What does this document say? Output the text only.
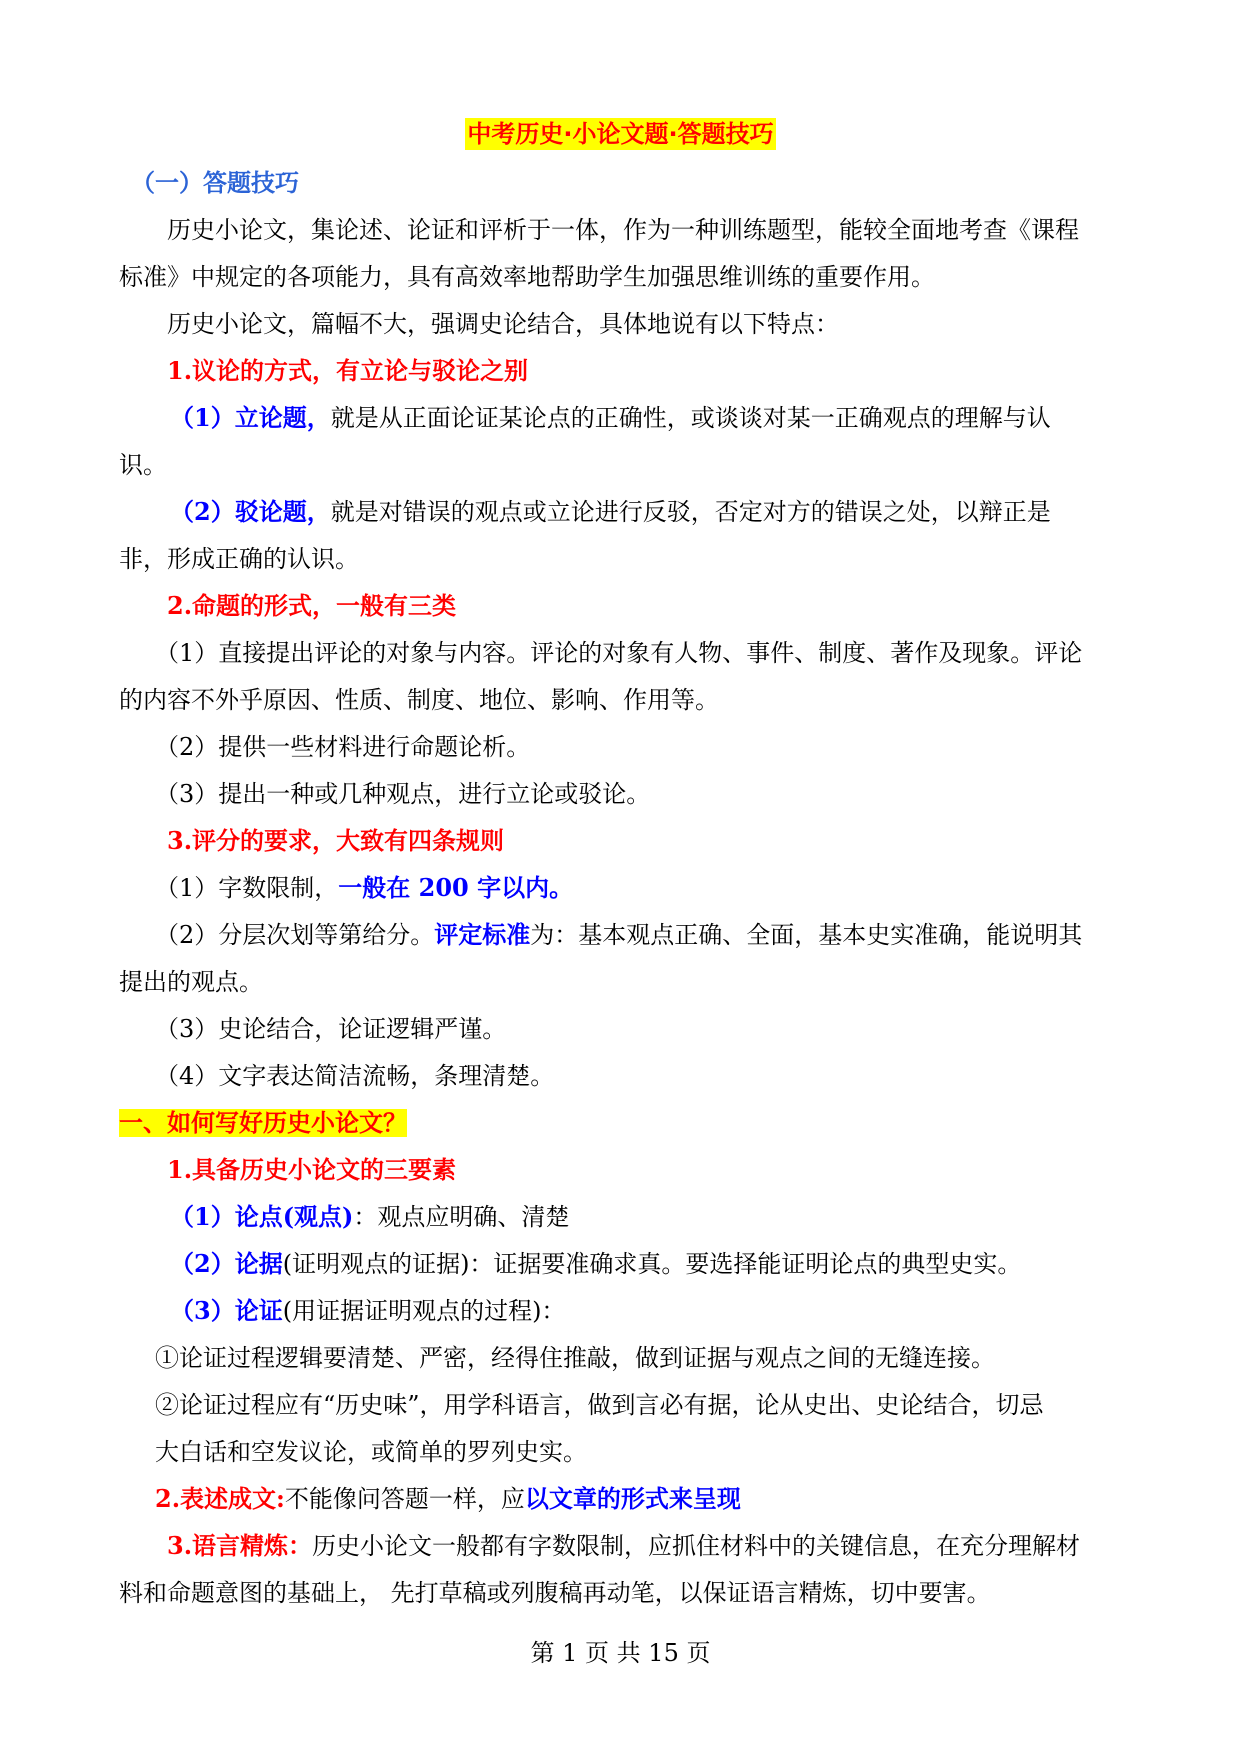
中考历史·小论文题·答题技巧
（一）答题技巧
历史小论文，集论述、论证和评析于一体，作为一种训练题型，能较全面地考查《课程
标准》中规定的各项能力，具有高效率地帮助学生加强思维训练的重要作用。
历史小论文，篇幅不大，强调史论结合，具体地说有以下特点：
1.议论的方式，有立论与驳论之别
（1）立论题，就是从正面论证某论点的正确性，或谈谈对某一正确观点的理解与认
识。
（2）驳论题，就是对错误的观点或立论进行反驳，否定对方的错误之处，以辩正是
非，形成正确的认识。
2.命题的形式，一般有三类
（1）直接提出评论的对象与内容。评论的对象有人物、事件、制度、著作及现象。评论
的内容不外乎原因、性质、制度、地位、影响、作用等。
（2）提供一些材料进行命题论析。
（3）提出一种或几种观点，进行立论或驳论。
3.评分的要求，大致有四条规则
（1）字数限制，一般在 200 字以内。
（2）分层次划等第给分。评定标准为：基本观点正确、全面，基本史实准确，能说明其
提出的观点。
（3）史论结合，论证逻辑严谨。
（4）文字表达简洁流畅，条理清楚。
一、如何写好历史小论文？
1.具备历史小论文的三要素
（1）论点(观点)：观点应明确、清楚
（2）论据(证明观点的证据)：证据要准确求真。要选择能证明论点的典型史实。
（3）论证(用证据证明观点的过程)：
①论证过程逻辑要清楚、严密，经得住推敲，做到证据与观点之间的无缝连接。
②论证过程应有“历史味”，用学科语言，做到言必有据，论从史出、史论结合，切忌
大白话和空发议论，或简单的罗列史实。
2.表述成文:不能像问答题一样，应以文章的形式来呈现
3.语言精炼：历史小论文一般都有字数限制，应抓住材料中的关键信息，在充分理解材
料和命题意图的基础上， 先打草稿或列腹稿再动笔，以保证语言精炼，切中要害。
第 1 页 共 15 页
